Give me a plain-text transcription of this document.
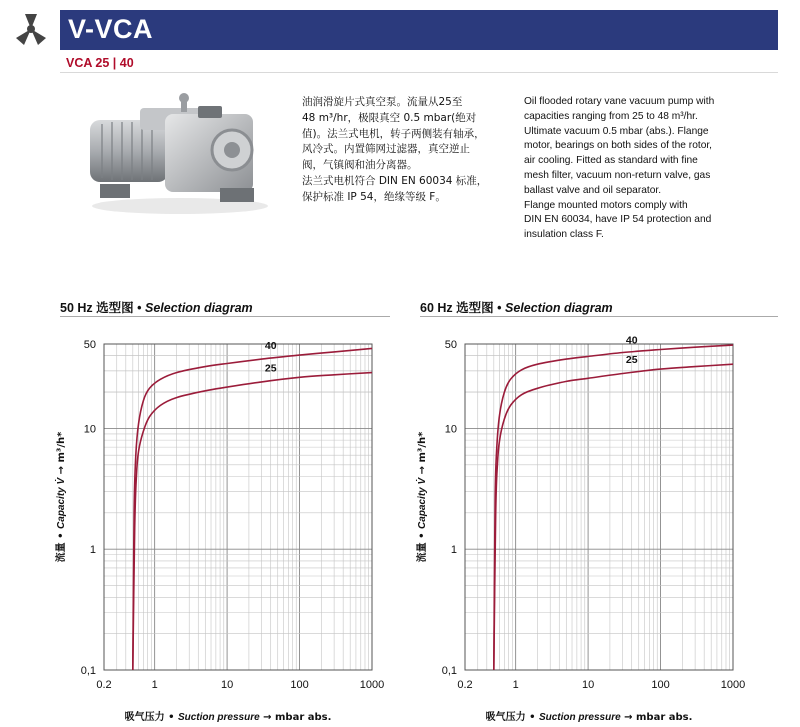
V-VCA
VCA 25 | 40
油润滑旋片式真空泵。流量从25至
48 m³/hr，极限真空 0.5 mbar(绝对
值)。法兰式电机，转子两侧装有轴承，
风冷式。内置筛网过滤器，真空逆止
阀，气镇阀和油分离器。
法兰式电机符合 DIN EN 60034 标准，
保护标准 IP 54，绝缘等级 F。
Oil flooded rotary vane vacuum pump with
capacities ranging from 25 to 48 m³/hr.
Ultimate vacuum 0.5 mbar (abs.). Flange
motor, bearings on both sides of the rotor,
air cooling. Fitted as standard with fine
mesh filter, vacuum non-return valve, gas
ballast valve and oil separator.
Flange mounted motors comply with
DIN EN 60034, have IP 54 protection and
insulation class F.
50 Hz 选型图 • Selection diagram	60 Hz 选型图 • Selection diagram
0.2	1	10	100	1000
0,1
1
10
50	40
25
流量 • Capacity V̇ → m³/h*
吸气压力 • Suction pressure → mbar abs.
0.2	1	10	100	1000
0,1
1
10
50	40
25
流量 • Capacity V̇ → m³/h*
吸气压力 • Suction pressure → mbar abs.
